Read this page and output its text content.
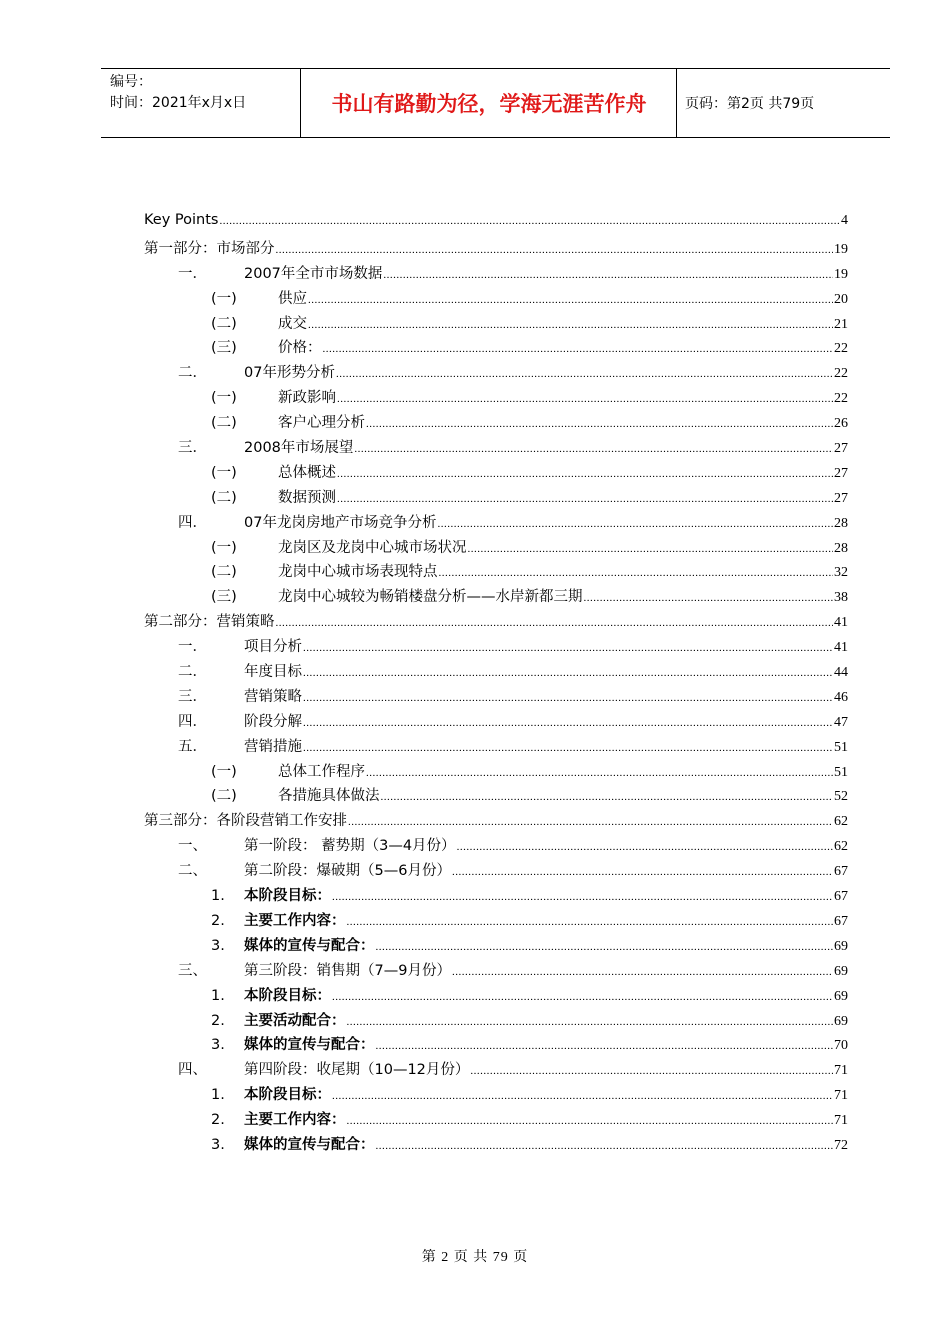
编号：
时间：2021年x月x日	书山有路勤为径，学海无涯苦作舟	页码：第2页 共79页
Key Points .....	4
第一部分：市场部分 .....	19
一．	2007年全市市场数据 .....	19
(一)	供应 .....	20
(二)	成交 .....	21
(三)	价格： .....	22
二．	07年形势分析 .....	22
(一)	新政影响 .....	22
(二)	客户心理分析 .....	26
三．	2008年市场展望 .....	27
(一)	总体概述 .....	27
(二)	数据预测 .....	27
四．	07年龙岗房地产市场竞争分析 .....	28
(一)	龙岗区及龙岗中心城市场状况 .....	28
(二)	龙岗中心城市场表现特点 .....	32
(三)	龙岗中心城较为畅销楼盘分析——水岸新都三期 .....	38
第二部分：营销策略 .....	41
一．	项目分析 .....	41
二．	年度目标 .....	44
三．	营销策略 .....	46
四．	阶段分解 .....	47
五．	营销措施 .....	51
(一)	总体工作程序 .....	51
(二)	各措施具体做法 .....	52
第三部分：各阶段营销工作安排 .....	62
一、	第一阶段： 蓄势期（3—4月份） .....	62
二、	第二阶段：爆破期（5—6月份） .....	67
1.	本阶段目标： .....	67
2.	主要工作内容： .....	67
3.	媒体的宣传与配合： .....	69
三、	第三阶段：销售期（7—9月份） .....	69
1.	本阶段目标： .....	69
2.	主要活动配合： .....	69
3.	媒体的宣传与配合： .....	70
四、	第四阶段：收尾期（10—12月份） .....	71
1.	本阶段目标： .....	71
2.	主要工作内容： .....	71
3.	媒体的宣传与配合： .....	72
第 2 页 共 79 页
